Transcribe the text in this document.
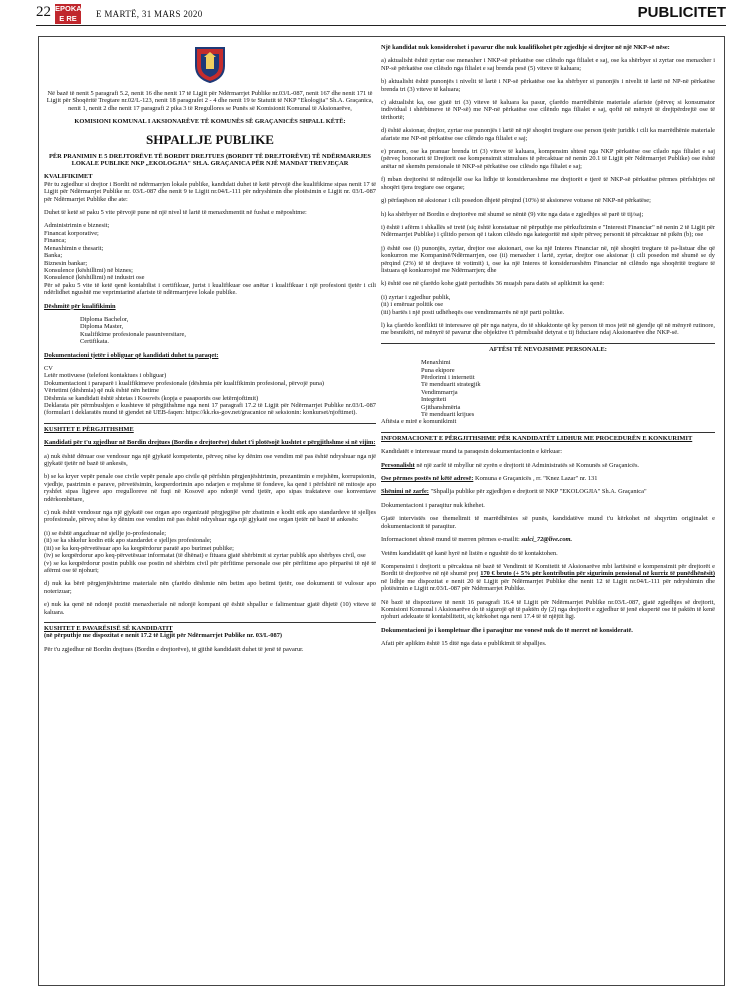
22 EPOKA
E RE	E MARTË, 31 MARS 2020	PUBLICITET

Në bazë të nenit 5 paragrafi 5.2, nenit 16 dhe nenit 17 të Ligjit për Ndërmarrjet Publike nr.03/L-087, nenit 167 dhe nenit 171 të Ligjit për Shoqëritë Tregtare nr.02/L-123, nenit 18 paragrafet 2 - 4 dhe nenit 19 te Statutit të NKP "Ekologjia" Sh.A. Graçanica, nenit 1, nenit 2 dhe nenit 17 paragrafi 2 pika 3 të Rregullores se Punës së Komisionit Komunal të Aksionarëve,

KOMISIONI KOMUNAL I AKSIONARËVE TË KOMUNËS SË GRAÇANICËS SHPALL KËTË:

SHPALLJE PUBLIKE

PËR PRANIMIN E 5 DREJTORËVE TË BORDIT DREJTUES (BORDIT TË DREJTORËVE) TË NDËRMARRJES LOKALE PUBLIKE NKP „EKOLOGJIA" SH.A. GRAÇANICA PËR NJË MANDAT TREVJEÇAR

KVALIFIKIMET

Për tu zgjedhur si drejtor i Bordit në ndërmarrjen lokale publike, kandidati duhet të ketë përvojë dhe kualifikime sipas nenit 17 të Ligjit për Ndërmarrjet Publike nr. 03/L-087 dhe nenit 9 te Ligjit nr.04/L-111 për ndryshimin dhe plotësimin e Ligjit nr. 03/L-087 për Ndërmarrjet Publike dhe ate:

Duhet të ketë së paku 5 vite përvojë pune në një nivel të lartë të menaxhmentit në fushat e mëposhtme:

Administrimin e biznesit;
Financat korporative;
Financa;
Menaxhimin e thesarit;
Banka;
Biznesin bankar;
Konsulence (këshillimi) në biznes;
Konsulencë (këshillimi) në industri ose
Për së paku 5 vite të ketë qenë kontabilist i certifikuar, jurist i kualifikuar ose anëtar i kualifikuar i një profesioni tjetër i cili ndërlidhet ngushtë me veprimtarinë afariste të ndërmarrjeve lokale publike.

Dëshmitë për kualifikimin

Diploma Bachelor,
Diploma Master,
Kualifikime profesionale pasuniversitare,
Certifikata.

Dokumentacioni tjetër i obliguar që kandidati duhet ta paraqet:

CV
Letër motivuese (telefoni kontaktues i obliguar)
Dokumentacioni i paraparë i kualifikimeve profesionale (dëshmia për kualifikimin profesional, përvojë puna)
Vërtetimi (dëshmia) që nuk është nën hetime
Dëshmia se kandidati është shtetas i Kosovës (kopja e pasaportës ose letërnjoftimit)
Deklarata për përmbushjen e kushteve të përgjithshme nga neni 17 paragrafi 17.2 të Ligjit për Ndërmarrjet Publike nr.03/L-087 (formulari i deklaratës mund të gjendet në UEB-faqen: https://kk.rks-gov.net/gracanice në seksionin: konkurset/njoftimet).

KUSHTET E PËRGJITHSHME

Kandidati për t'u zgjedhur në Bordin drejtues (Bordin e drejtorëve) duhet t'i plotësojë kushtet e përgjithshme si në vijim:

a) nuk është dënuar ose vendosur nga një gjykatë kompetente, përveç nëse ky dënim ose vendim më pas është ndryshuar nga një gjykatë tjetër në bazë të ankesës,

b) se ka kryer vepër penale ose civile vepër penale apo civile që përfshin përgjenjështrimin, prezantimin e rrejshëm, korrupsionin, vjedhje, pastrimin e parave, përvetësimin, keqperdorimin apo ndarjen e rrejshme të fondeve, ka qenë i përfshirë në mitosje apo ryshfet sipas ligjeve apo rregulloreve në fuqi në Kosovë apo ndonjë vend tjetër, apo sipas traktateve ose konventave ndërkombëtare,

c) nuk është vendosur nga një gjykatë ose organ apo organizatë përgjegjëse për zbatimin e kodit etik apo standardeve të sjelljes profesionale, përveç nëse ky dënim ose vendim më pas është ndryshuar nga një gjykatë ose organ tjetër në bazë të ankesës:

(i) se është angazhuar në sjellje jo-profesionale;
(ii) se ka shkelur kodin etik apo standardet e sjelljes profesionale;
(iii) se ka keq-përvetësuar apo ka keqpërdorur paratë apo burimet publike;
(iv) se keqpërdorur apo keq-përvetësuar informatat (të dhënat) e fituara gjatë shërbimit si zyrtar publik apo shërbyes civil, ose
(v) se ka keqpërdorur postin publik ose postin në shërbim civil për përfitime personale ose për përfitime apo përparësi të një të afërmi ose të njohuri;

d) nuk ka bërë përgjenjështrime materiale nën çfarëdo dëshmie nën betim apo betimi tjetër, ose dokumenti të vulosur apo noterizuar;

e) nuk ka qenë në ndonjë pozitë menaxheriale në ndonjë kompani që është shpallur e falimentuar gjatë dhjetë (10) viteve të kaluara.

KUSHTET E PAVARËSISË SË KANDIDATIT

(në përputhje me dispozitat e nenit 17.2 të Ligjit për Ndërmarrjet Publike nr. 03/L-087)

Për t'u zgjedhur në Bordin drejtues (Bordin e drejtorëve), të gjithë kandidatët duhet të jenë të pavarur.

Një kandidat nuk konsiderohet i pavarur dhe nuk kualifikohet për zgjedhje si drejtor në një NKP-së nëse:

a) aktualisht është zyrtar ose menaxher i NKP-së përkatëse ose cilësdo nga filialet e saj, ose ka shërbyer si zyrtar ose menaxher i NP-së përkatëse ose cilësdo nga filialet e saj brenda pesë (5) viteve të kaluara;

b) aktualisht është punonjës i nivelit të lartë i NP-së përkatëse ose ka shërbyer si punonjës i nivelit të lartë në NP-në përkatëse brenda tri (3) viteve të kaluara;

c) aktualisht ka, ose gjatë tri (3) viteve të kaluara ka pasur, çfarëdo marrëdhënie materiale afariste (përveç si konsumator individual i shërbimeve të NP-së) me NP-në përkatëse ose cilëndo nga filialet e saj, qoftë në mënyrë të drejtpërdrejtë ose të tërthortë;

d) është aksionar, drejtor, zyrtar ose punonjës i lartë në një shoqëri tregtare ose person tjetër juridik i cili ka marrëdhënie materiale afariste me NP-në përkatëse ose cilëndo nga filialet e saj;

e) pranon, ose ka pranuar brenda tri (3) viteve të kaluara, kompensim shtesë nga NKP përkatëse ose cilado nga filialet e saj (përveç honorarit të Drejtorit ose kompensimit stimulues të përcaktuar në nenin 20.1 të Ligjit për Ndërmarrjet Publike) ose është anëtar në skemën pensionale të NKP-së përkatëse ose cilësdo nga filialet e saj;

f) mban drejtorësi të ndërsjellë ose ka lidhje të konsiderueshme me drejtorët e tjerë të NKP-së përkatëse përmes përfshirjes në shoqëri tjera tregtare ose organe;

g) përfaqëson në aksionar i cili posedon dhjetë përqind (10%) të aksioneve votuese në NKP-në përkatëse;

h) ka shërbyer në Bordin e drejtorëve më shumë se nëntë (9) vite nga data e zgjedhjes së parë të tij/saj;

i) është i afërm i shkallës së tretë (siç është konstatuar në përputhje me përkufizimin e "Interesit Financiar" në nenin 2 të Ligjit për Ndërmarrjet Publike) i çilitdo person që i takon cilësdo nga kategoritë më sipër përveç personit të përcaktuar në pikën (b); ose

j) është ose (i) punonjës, zyrtar, drejtor ose aksionari, ose ka një Interes Financiar në, një shoqëri tregtare të pa-listuar dhe që konkurron me Kompaninë/Ndërmarrjen, ose (ii) menaxher i lartë, zyrtar, drejtor ose aksionar (i cili posedon më shumë se dy përqind (2%) të të drejtave të votimit) i, ose ka një Interes të konsiderueshëm Financiar në cilëndo nga shoqëritë tregtare të listuara që konkurrojnë me Ndërmarrjen; dhe

k) është ose në çfarëdo kohe gjatë periudhës 36 muajsh para datës së aplikimit ka qenë:

(i) zyrtar i zgjedhur publik,
(ii) i emëruar politik ose
(iii) bartës i një posti udhëheqës ose vendimmarrës në një parti politike.

l) ka çfarëdo konflikti të interesave që për nga natyra, do të shkaktonte që ky person të mos jetë në gjendje që në mënyrë rutinore, me besnikëri, në mënyrë të pavarur dhe objektive t'i përmbushë detyrat e tij fiduciare ndaj Aksionarëve dhe NKP-së.

AFTËSI TË NEVOJSHME PERSONALE:

Menaxhimi
Puna ekipore
Përdorimi i internetit
Të menduarit strategjik
Vendimmarrja
Integriteti
Gjithanshmëria
Të menduarit krijues
Aftësia e mirë e komunikimit

INFORMACIONET E PËRGJITHSHME PËR KANDIDATËT LIDHUR ME PROCEDURËN E KONKURIMIT

Kandidatët e interesuar mund ta paraqesin dokumentacionin e kërkuar:

Personalisht në një zarfë të mbyllur në zyrën e drejtorit të Administratës së Komunës së Graçanicës.

Ose përmes postës në këtë adresë: Komuna e Graçanicës , rr. "Knez Lazar" nr. 131

Shënimi në zarfe: "Shpallja publike për zgjedhjen e drejtorit të NKP "EKOLOGJIA" Sh.A. Graçanica"

Dokumentacioni i paraqitur nuk kthehet.

Gjatë intervistës ose themelimit të marrëdhënies së punës, kandidatëve mund t'u kërkohet në shqyrtim origjinalet e dokumentacionit të paraqitur.

Informacionet shtesë mund të merren përmes e-mailit: sulci_72@live.com.

Vetëm kandidatët që kanë hyrë në listën e ngushtë do të kontaktohen.

Kompensimi i drejtorit u përcaktua në bazë të Vendimit të Komitetit të Aksionarëve mbi lartësinë e kompensimit për drejtorët e Bordit të drejtorëve në një shumë prej 170 € bruto (+ 5% për kontributin për sigurimin pensional në kurriz të punëdhënësit) në lidhje me dispozitat e nenit 20 të Ligjit për Ndërmarrjet Publike dhe nenit 12 të Ligjit nr.04/L-111 për ndryshimin dhe plotësimin e Ligjit nr.03/L-087 për Ndërmarrjet Publike.

Në bazë të dispozitave të nenit 16 paragrafi 16.4 të Ligjit për Ndërmarrjet Publike nr.03/L-087, gjatë zgjedhjes së drejtorit, Komisioni Komunal i Aksionarëve do të sigurojë që të paktën dy (2) nga drejtorët e zgjedhur të jenë ekspertë ose të paktën të kenë njohuri adekuate të kontabilitetit, siç kërkohet nga neni 17.4 të të njëjtit ligj.

Dokumentacioni jo i kompletuar dhe i paraqitur me vonesë nuk do të merret në konsideratë.

Afati për aplikim është 15 ditë nga data e publikimit të shpalljes.
